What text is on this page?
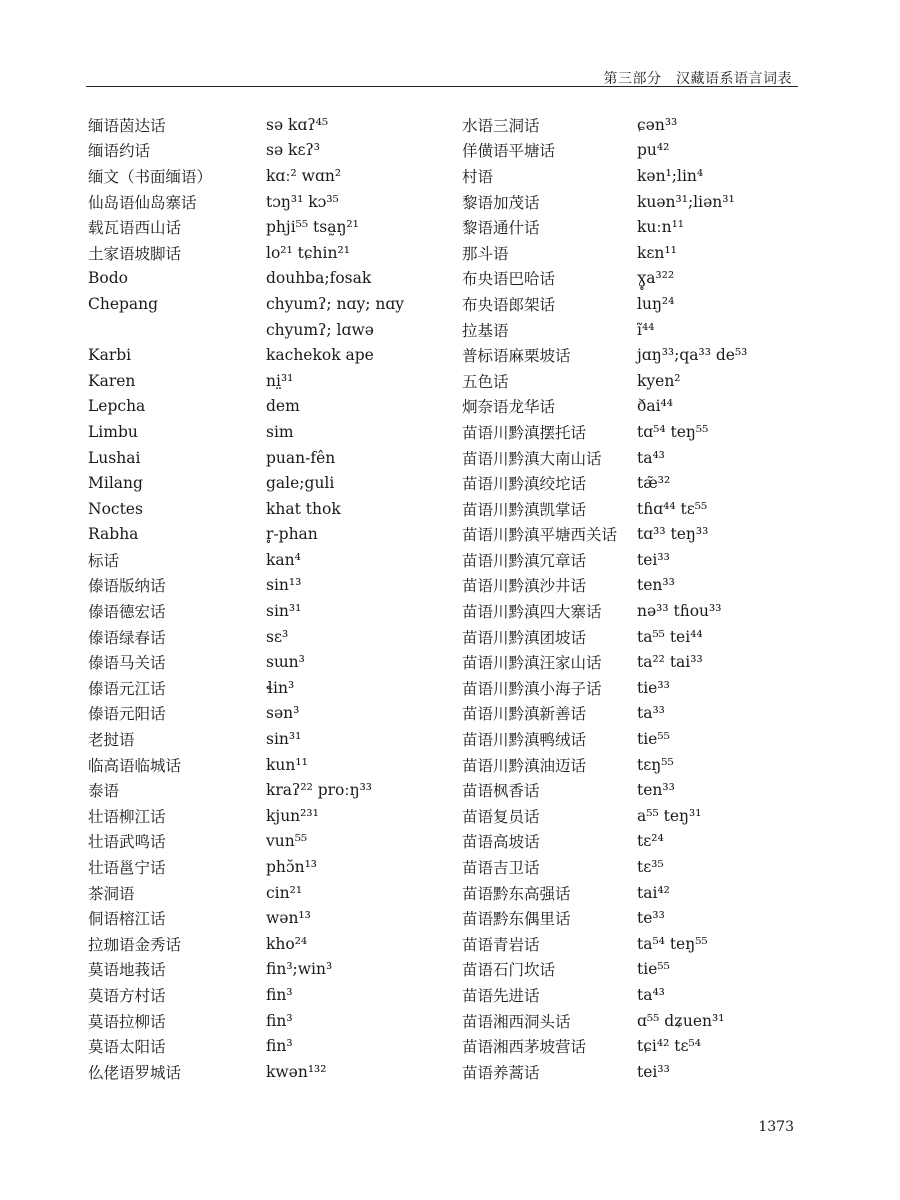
第三部分　汉藏语系语言词表
缅语茵达话	sə kɑʔ⁴⁵
缅语约话	sə kɛʔ³
缅文（书面缅语）	kɑː² wɑn²
仙岛语仙岛寨话	tɔŋ³¹ kɔ³⁵
载瓦语西山话	phji⁵⁵ tsa̰ŋ²¹
土家语坡脚话	lo²¹ tɕhin²¹
Bodo	douhba;fosak
Chepang	chyumʔ; nɑy; nɑy
chyumʔ; lɑwə
Karbi	kachekok ape
Karen	ni̤³¹
Lepcha	dem
Limbu	sim
Lushai	puan-fên
Milang	gale;guli
Noctes	khat thok
Rabha	r̥-phan
标话	kan⁴
傣语版纳话	sin¹³
傣语德宏话	sin³¹
傣语绿春话	sɛ³
傣语马关话	sɯn³
傣语元江话	ɬin³
傣语元阳话	sən³
老挝语	sin³¹
临高语临城话	kun¹¹
泰语	kraʔ²² proːŋ³³
壮语柳江话	kjun²³¹
壮语武鸣话	vun⁵⁵
壮语邕宁话	phɔ̆n¹³
茶洞语	cin²¹
侗语榕江话	wən¹³
拉珈语金秀话	kho²⁴
莫语地莪话	fin³;win³
莫语方村话	fin³
莫语拉柳话	fin³
莫语太阳话	fin³
仫佬语罗城话	kwən¹³²
水语三洞话	ɕən³³
佯僙语平塘话	pu⁴²
村语	kən¹;lin⁴
黎语加茂话	kuən³¹;liən³¹
黎语通什话	kuːn¹¹
那斗语	kɛn¹¹
布央语巴哈话	ɣ̥a³²²
布央语郎架话	luŋ²⁴
拉基语	ĩ⁴⁴
普标语麻栗坡话	jɑŋ³³;qa³³ de⁵³
五色话	kyen²
炯奈语龙华话	ðai⁴⁴
苗语川黔滇摆托话	tɑ⁵⁴ teŋ⁵⁵
苗语川黔滇大南山话	ta⁴³
苗语川黔滇绞坨话	tæ̃³²
苗语川黔滇凯掌话	tɦɑ⁴⁴ tɛ⁵⁵
苗语川黔滇平塘西关话	tɑ³³ teŋ³³
苗语川黔滇冗章话	tei³³
苗语川黔滇沙井话	ten³³
苗语川黔滇四大寨话	nə³³ tɦou³³
苗语川黔滇团坡话	ta⁵⁵ tei⁴⁴
苗语川黔滇汪家山话	ta²² tai³³
苗语川黔滇小海子话	tie³³
苗语川黔滇新善话	ta³³
苗语川黔滇鸭绒话	tie⁵⁵
苗语川黔滇油迈话	tɛŋ⁵⁵
苗语枫香话	ten³³
苗语复员话	a⁵⁵ teŋ³¹
苗语高坡话	tɛ²⁴
苗语吉卫话	tɛ³⁵
苗语黔东高强话	tai⁴²
苗语黔东偶里话	te³³
苗语青岩话	ta⁵⁴ teŋ⁵⁵
苗语石门坎话	tie⁵⁵
苗语先进话	ta⁴³
苗语湘西洞头话	ɑ⁵⁵ dʑuen³¹
苗语湘西茅坡营话	tɕi⁴² tɛ⁵⁴
苗语养蒿话	tei³³
1373
